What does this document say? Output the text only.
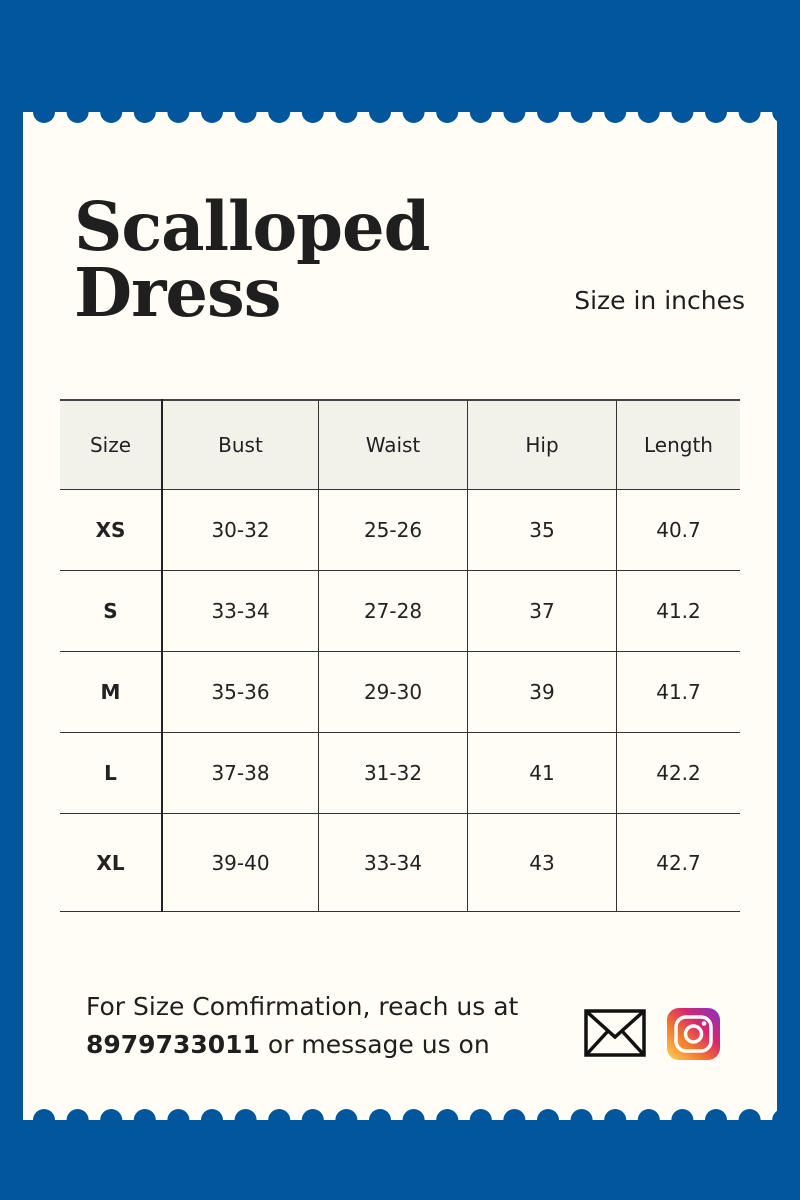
Scalloped
Dress	Size in inches
Size	Bust	Waist	Hip	Length
XS	30-32	25-26	35	40.7
S	33-34	27-28	37	41.2
M	35-36	29-30	39	41.7
L	37-38	31-32	41	42.2
XL	39-40	33-34	43	42.7
For Size Comfirmation, reach us at
8979733011 or message us on
